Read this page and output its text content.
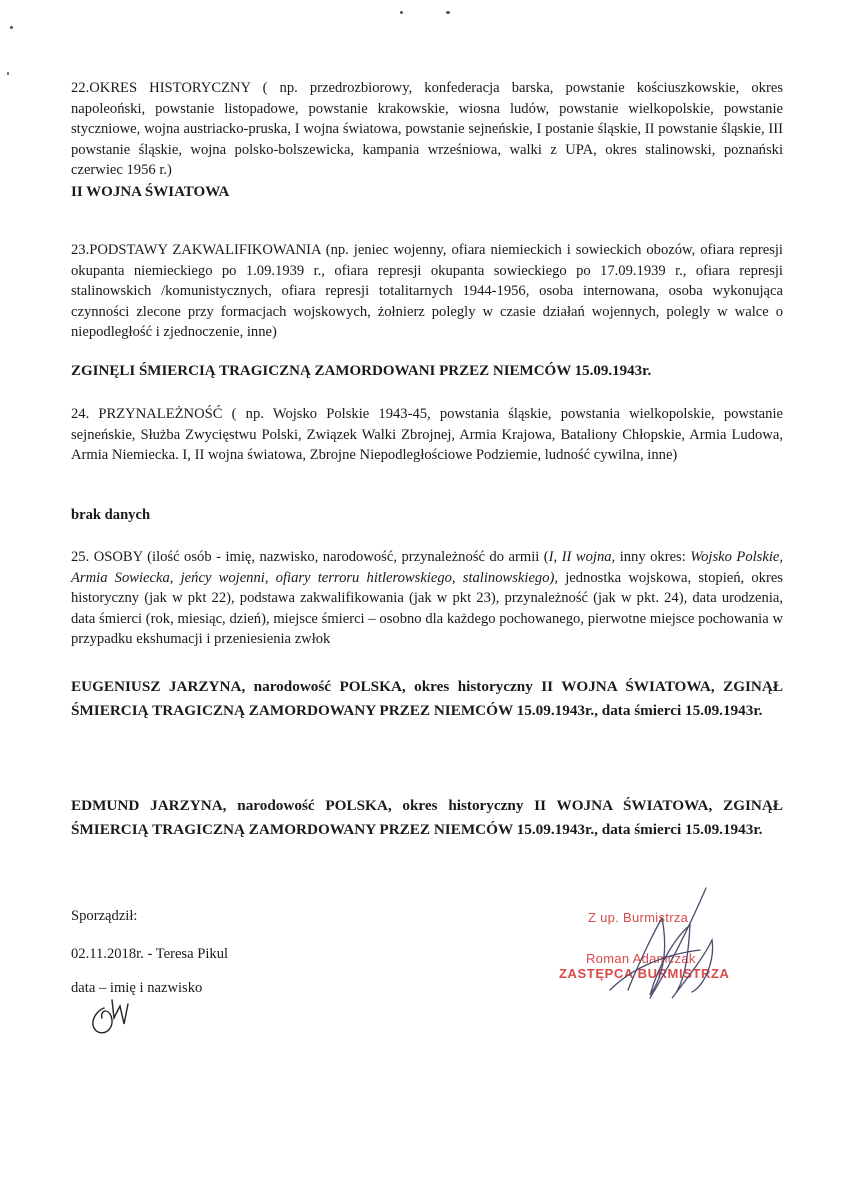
22.OKRES HISTORYCZNY ( np. przedrozbiorowy, konfederacja barska, powstanie kościuszkowskie, okres napoleoński, powstanie listopadowe, powstanie krakowskie, wiosna ludów, powstanie wielkopolskie, powstanie styczniowe, wojna austriacko-pruska, I wojna światowa, powstanie sejneńskie, I postanie śląskie, II powstanie śląskie, III powstanie śląskie, wojna polsko-bolszewicka, kampania wrześniowa, walki z UPA, okres stalinowski, poznański czerwiec 1956 r.)
II WOJNA ŚWIATOWA
23.PODSTAWY ZAKWALIFIKOWANIA (np. jeniec wojenny, ofiara niemieckich i sowieckich obozów, ofiara represji okupanta niemieckiego po 1.09.1939 r., ofiara represji okupanta sowieckiego po 17.09.1939 r., ofiara represji stalinowskich /komunistycznych, ofiara represji totalitarnych 1944-1956, osoba internowana, osoba wykonująca czynności zlecone przy formacjach wojskowych, żołnierz polegly w czasie działań wojennych, polegly w walce o niepodległość i zjednoczenie, inne)
ZGINĘLI ŚMIERCIĄ TRAGICZNĄ ZAMORDOWANI PRZEZ NIEMCÓW 15.09.1943r.
24. PRZYNALEŻNOŚĆ ( np. Wojsko Polskie 1943-45, powstania śląskie, powstania wielkopolskie, powstanie sejneńskie, Służba Zwycięstwu Polski, Związek Walki Zbrojnej, Armia Krajowa, Bataliony Chłopskie, Armia Ludowa, Armia Niemiecka. I, II wojna światowa, Zbrojne Niepodległościowe Podziemie, ludność cywilna, inne)
brak danych
25. OSOBY (ilość osób - imię, nazwisko, narodowość, przynależność do armii (I, II wojna, inny okres: Wojsko Polskie, Armia Sowiecka, jeńcy wojenni, ofiary terroru hitlerowskiego, stalinowskiego), jednostka wojskowa, stopień, okres historyczny (jak w pkt 22), podstawa zakwalifikowania (jak w pkt 23), przynależność (jak w pkt. 24), data urodzenia, data śmierci (rok, miesiąc, dzień), miejsce śmierci – osobno dla każdego pochowanego, pierwotne miejsce pochowania w przypadku ekshumacji i przeniesienia zwłok
EUGENIUSZ JARZYNA, narodowość POLSKA, okres historyczny II WOJNA ŚWIATOWA, ZGINĄŁ ŚMIERCIĄ TRAGICZNĄ ZAMORDOWANY PRZEZ NIEMCÓW 15.09.1943r., data śmierci 15.09.1943r.
EDMUND JARZYNA, narodowość POLSKA, okres historyczny II WOJNA ŚWIATOWA, ZGINĄŁ ŚMIERCIĄ TRAGICZNĄ ZAMORDOWANY PRZEZ NIEMCÓW 15.09.1943r., data śmierci 15.09.1943r.
Sporządził:
02.11.2018r. - Teresa Pikul
data – imię i nazwisko
Z up. Burmistrza
Roman Adamczak
ZASTĘPCA BURMISTRZA
